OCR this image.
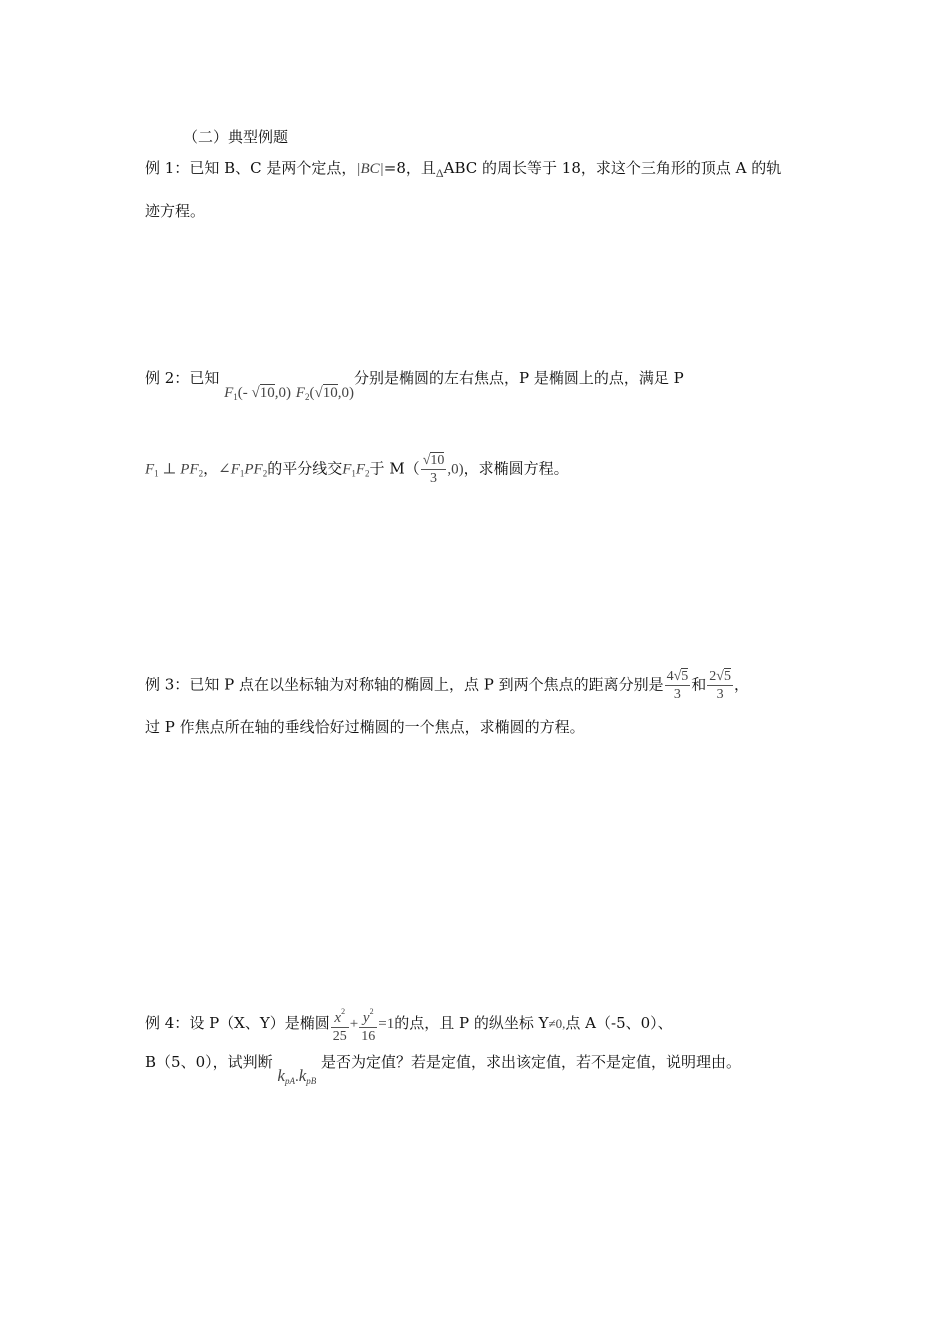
（二）典型例题
例 1：已知 B、C 是两个定点，|BC|=8，且$_\Delta$ABC 的周长等于 18，求这个三角形的顶点 A 的轨
迹方程。
例 2：已知 $F_1(-$ √10,0) $F_2(√10,0)$分别是椭圆的左右焦点，P 是椭圆上的点，满足 P
$F_1$ ⊥ $PF_2$，$\angle F_1PF_2$的平分线交$F_1F_2$于 $M( \frac{√10}{3} ,0)$，求椭圆方程。
例 3：已知 P 点在以坐标轴为对称轴的椭圆上，点 P 到两个焦点的距离分别是 $\frac{4√5}{3}$ 和 $\frac{2√5}{3}$ ，
过 P 作焦点所在轴的垂线恰好过椭圆的一个焦点，求椭圆的方程。
例 4：设 P（X、Y）是椭圆 $\frac{x^2}{25} + \frac{y^2}{16} =1$的点，且 P 的纵坐标 Y≠0,点 A（-5、0）、
B（5、0），试判断 $k_{pA}.k_{pB}$ 是否为定值？若是定值，求出该定值，若不是定值，说明理由。
